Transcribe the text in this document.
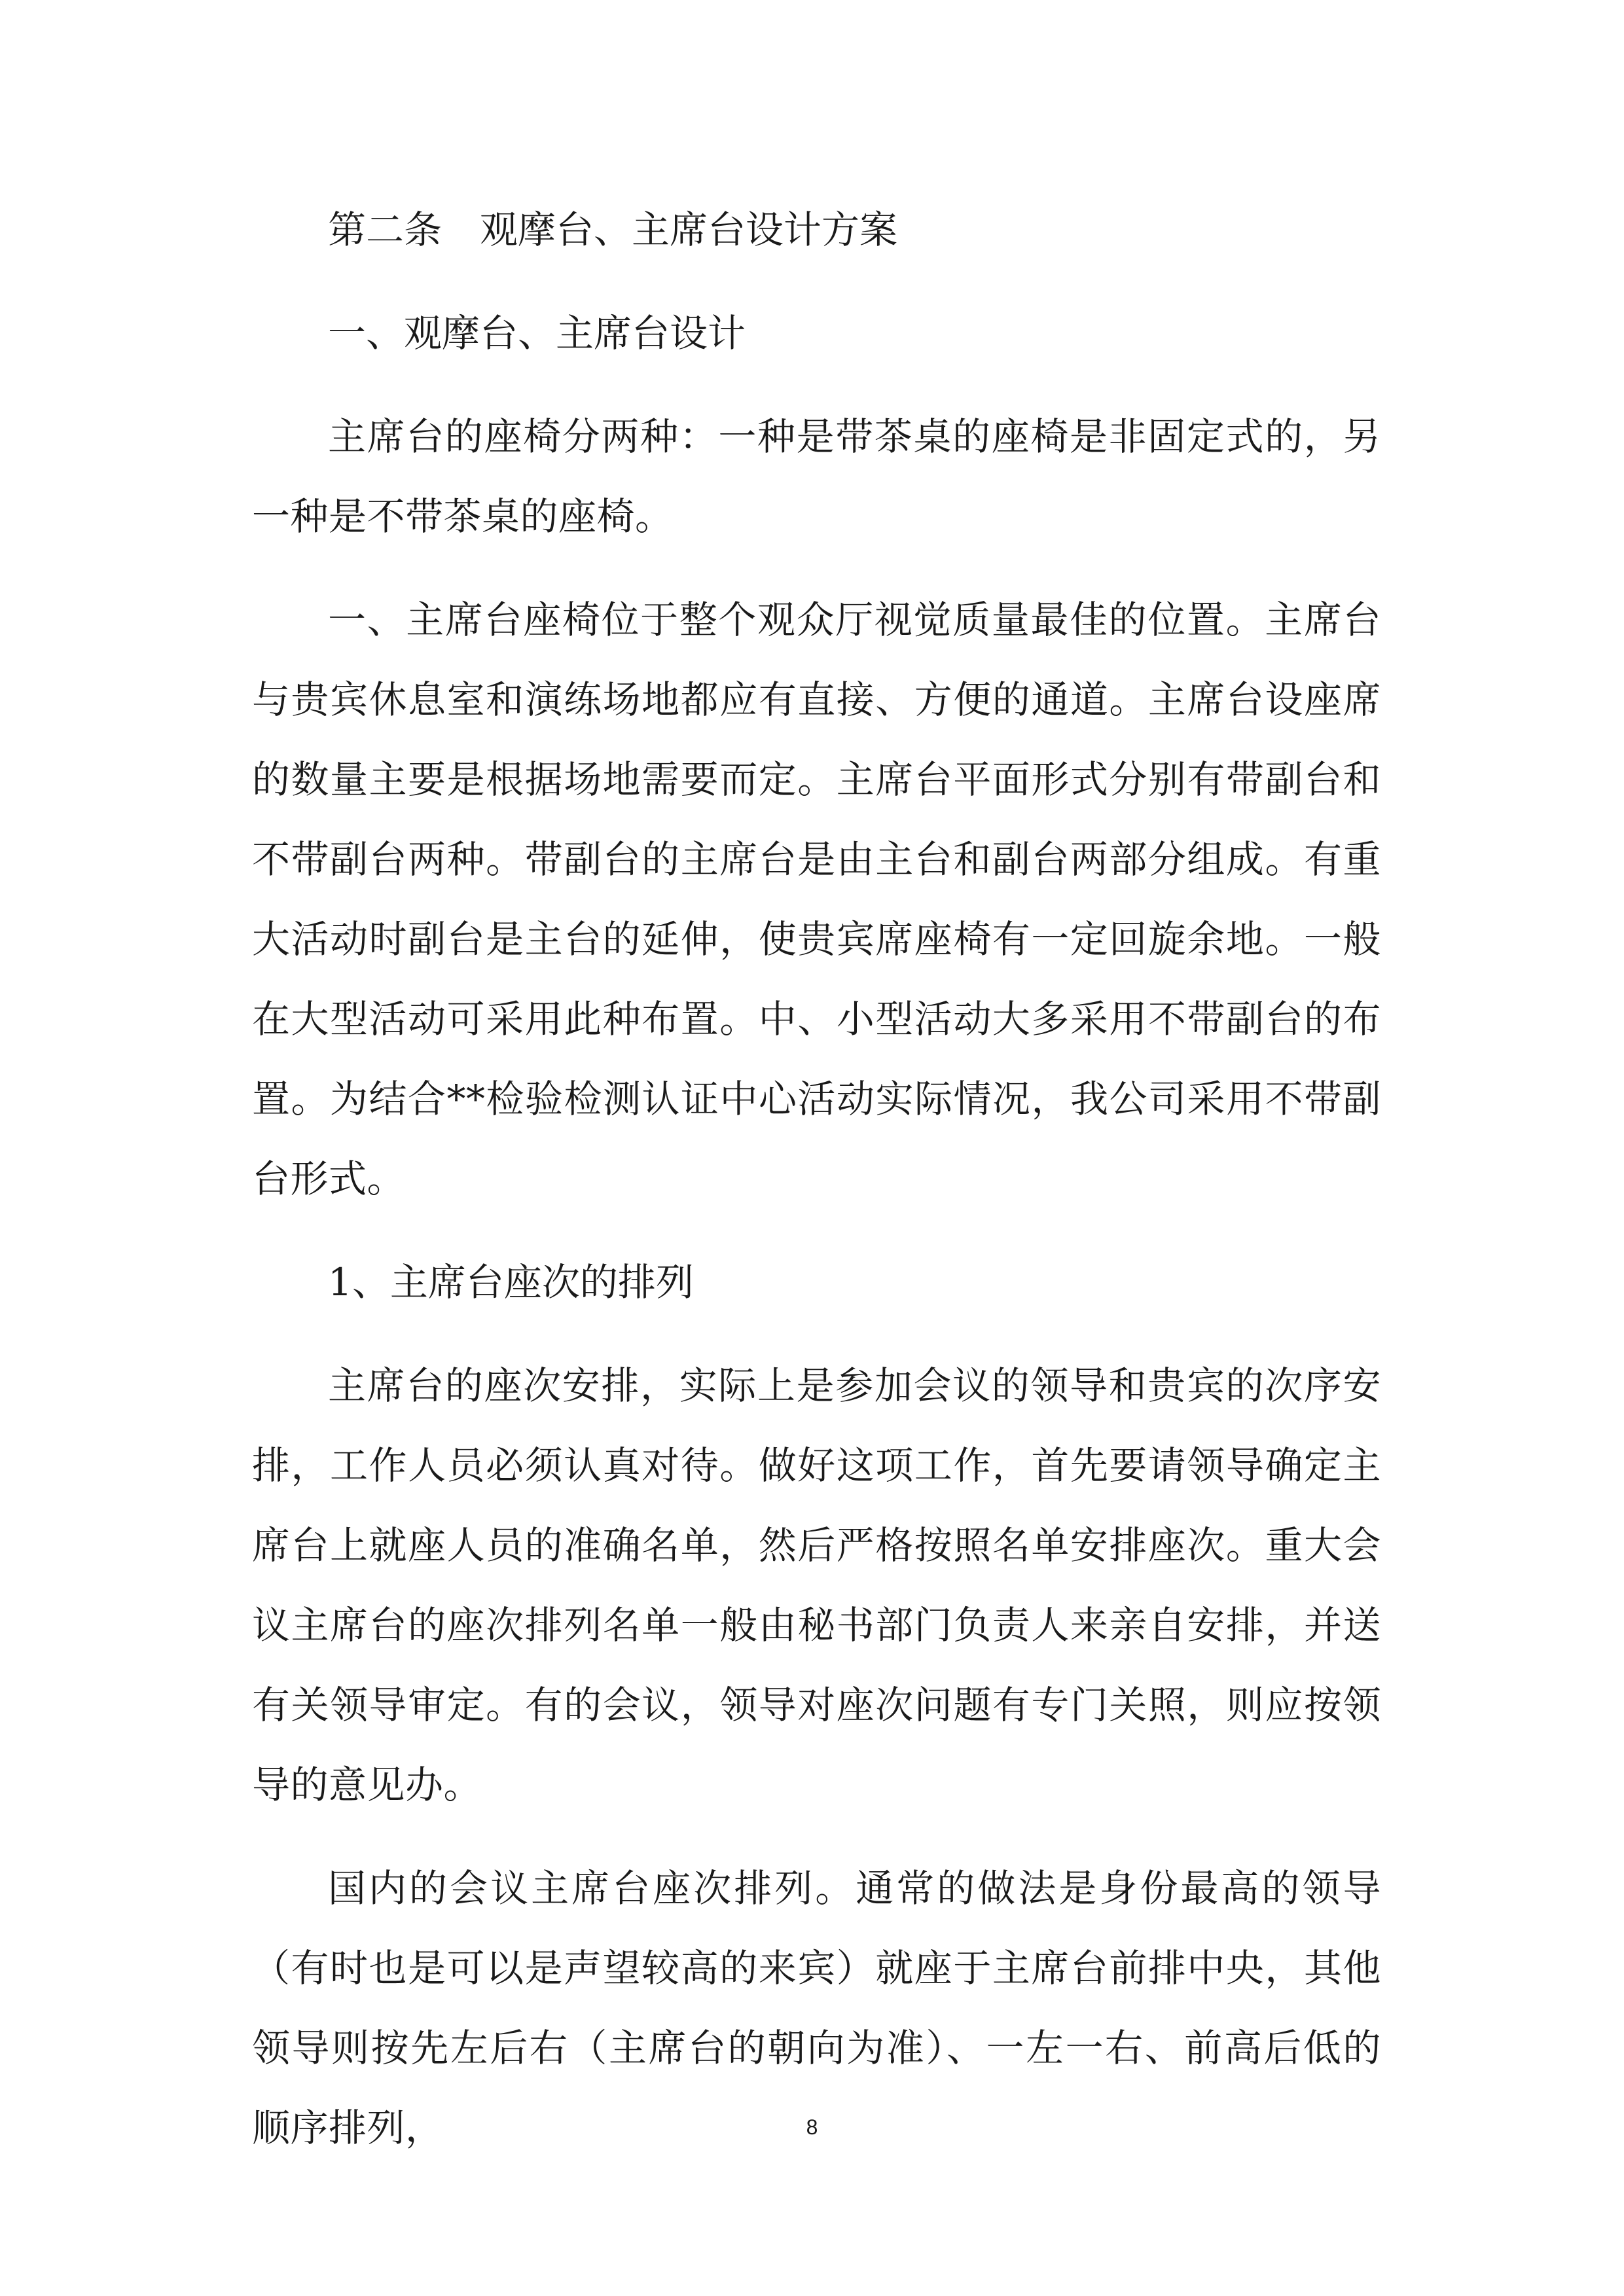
第二条　观摩台、主席台设计方案

一、观摩台、主席台设计

主席台的座椅分两种：一种是带茶桌的座椅是非固定式的，另一种是不带茶桌的座椅。

一、主席台座椅位于整个观众厅视觉质量最佳的位置。主席台与贵宾休息室和演练场地都应有直接、方便的通道。主席台设座席的数量主要是根据场地需要而定。主席台平面形式分别有带副台和不带副台两种。带副台的主席台是由主台和副台两部分组成。有重大活动时副台是主台的延伸，使贵宾席座椅有一定回旋余地。一般在大型活动可采用此种布置。中、小型活动大多采用不带副台的布置。为结合**检验检测认证中心活动实际情况，我公司采用不带副台形式。

1、主席台座次的排列

主席台的座次安排，实际上是参加会议的领导和贵宾的次序安排，工作人员必须认真对待。做好这项工作，首先要请领导确定主席台上就座人员的准确名单，然后严格按照名单安排座次。重大会议主席台的座次排列名单一般由秘书部门负责人来亲自安排，并送有关领导审定。有的会议，领导对座次问题有专门关照，则应按领导的意见办。

国内的会议主席台座次排列。通常的做法是身份最高的领导（有时也是可以是声望较高的来宾）就座于主席台前排中央，其他领导则按先左后右（主席台的朝向为准）、一左一右、前高后低的顺序排列，	8
